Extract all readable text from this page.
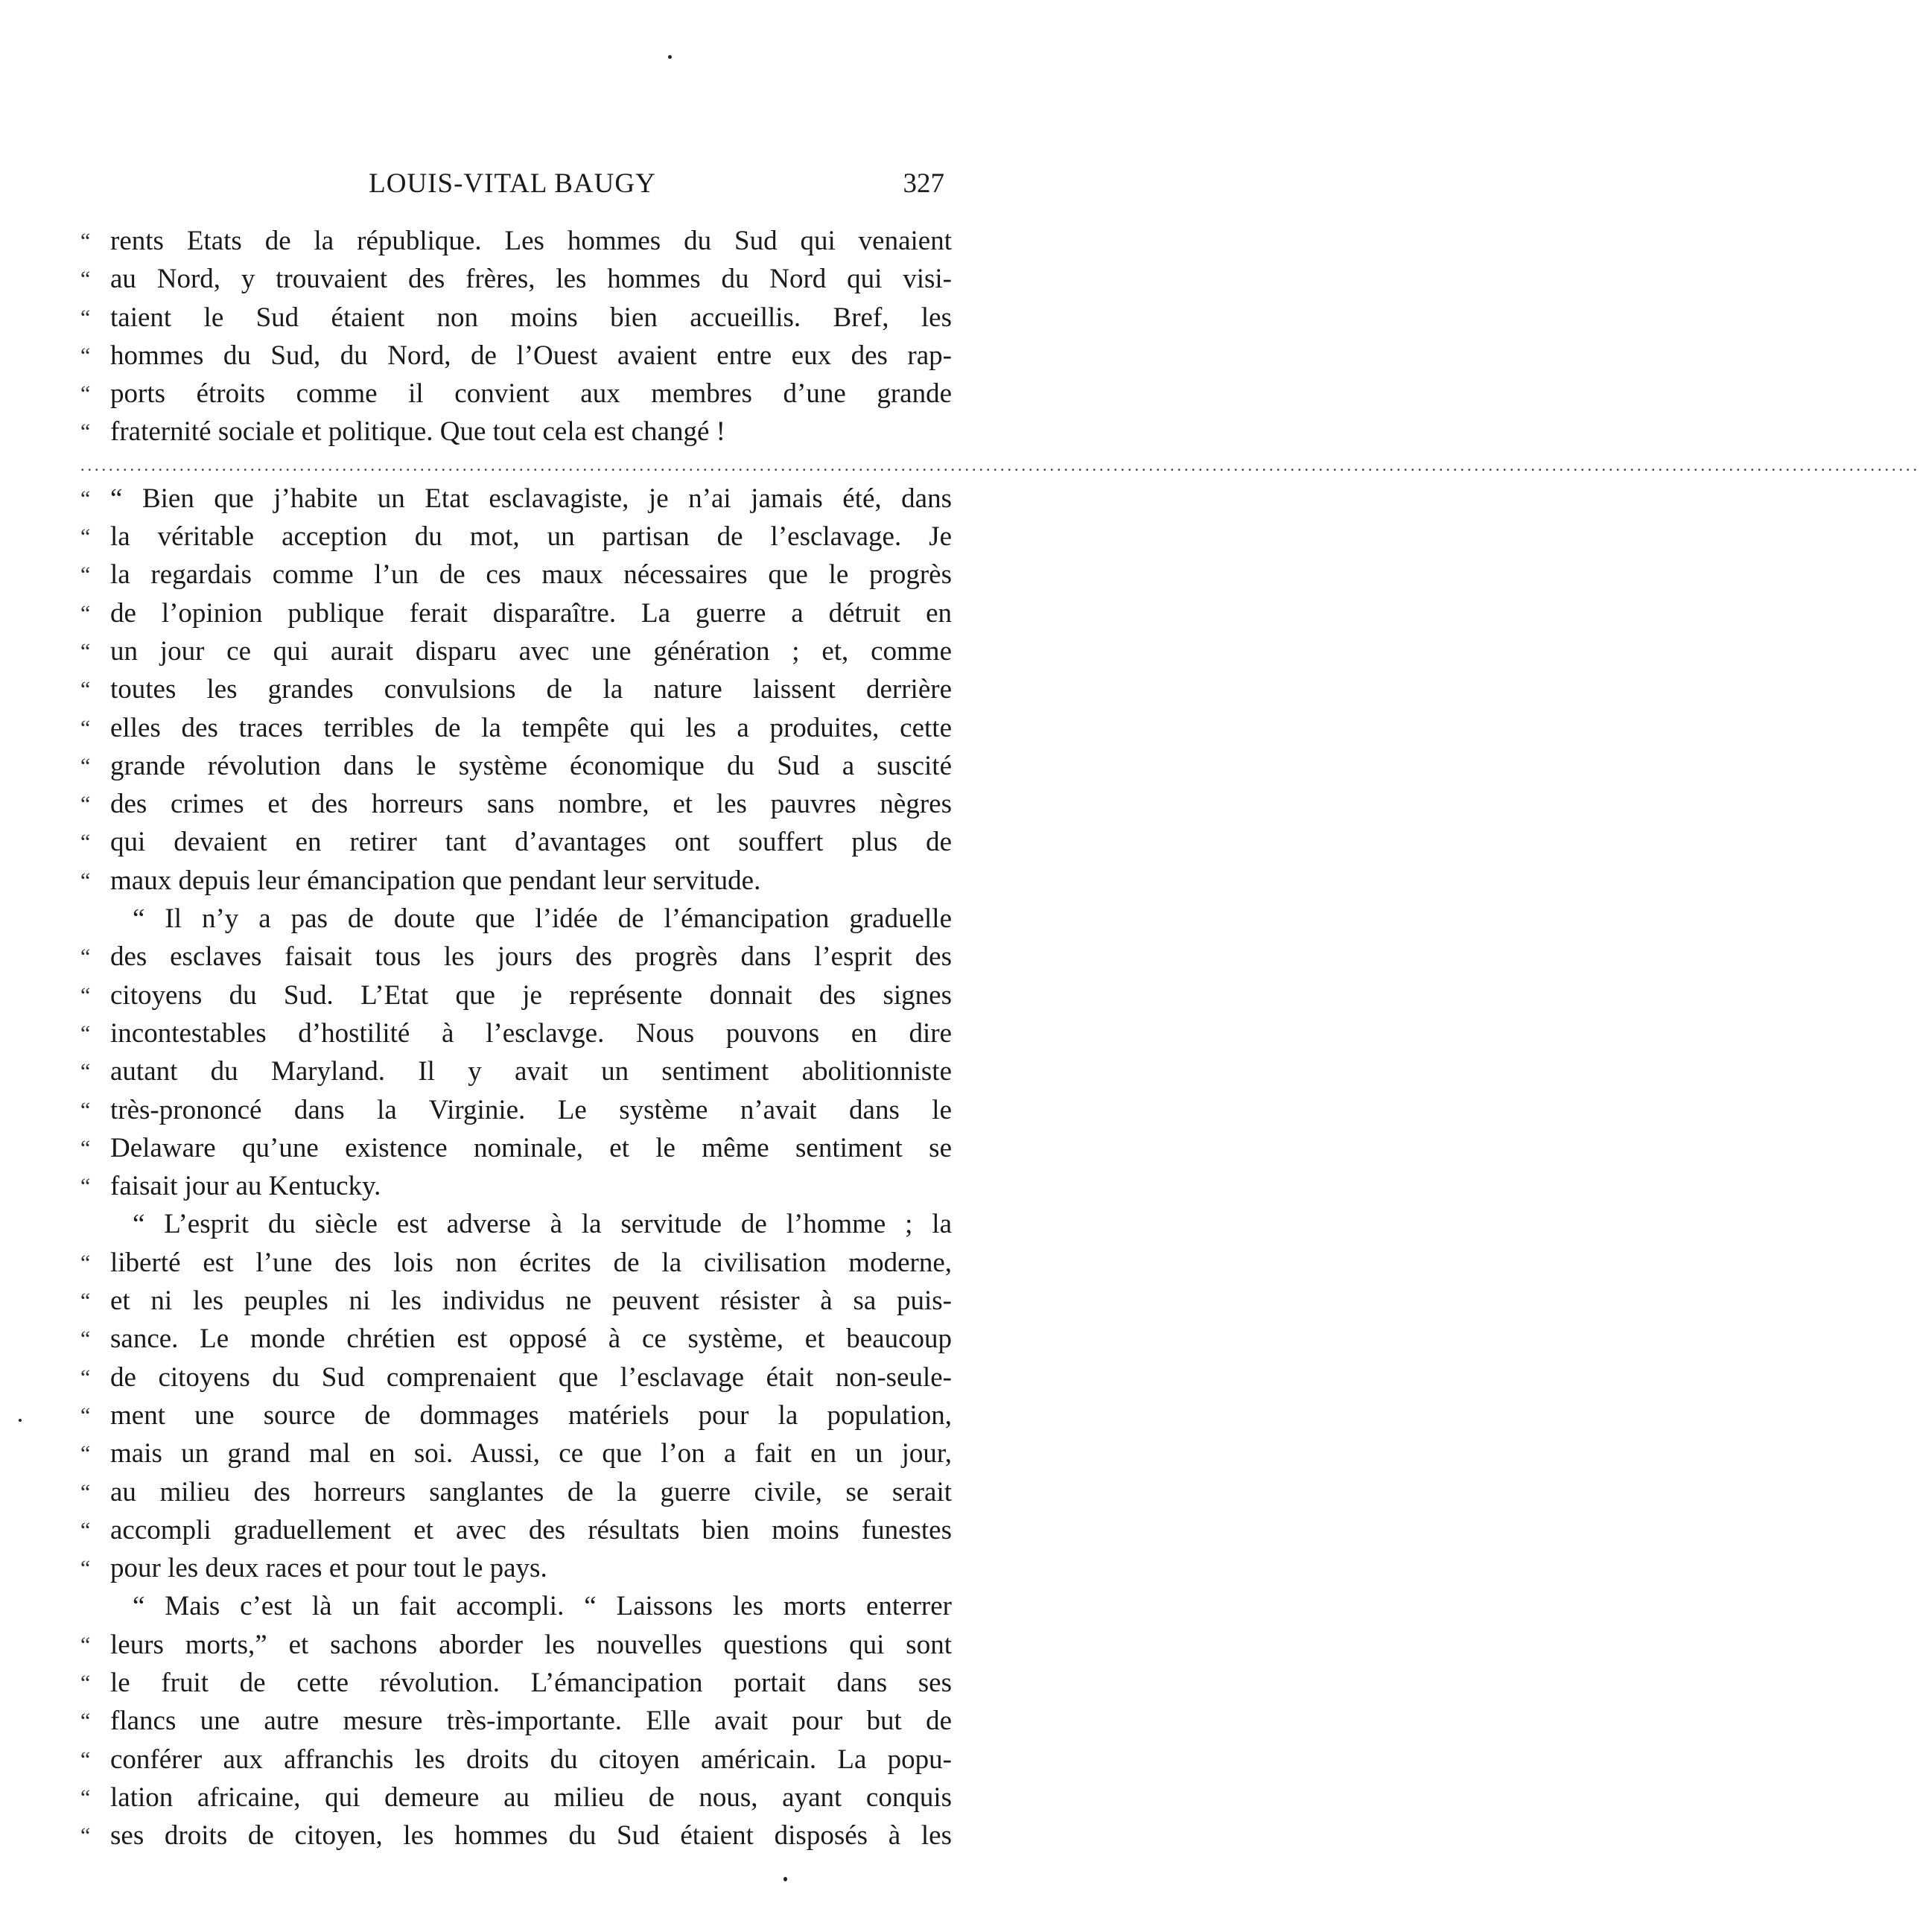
LOUIS-VITAL BAUGY	327
“ rents Etats de la république. Les hommes du Sud qui venaient
“ au Nord, y trouvaient des frères, les hommes du Nord qui visi-
“ taient le Sud étaient non moins bien accueillis. Bref, les
“ hommes du Sud, du Nord, de l’Ouest avaient entre eux des rap-
“ ports étroits comme il convient aux membres d’une grande
“ fraternité sociale et politique. Que tout cela est changé !
....................................................................................................................................................................................................................................................................
“ “ Bien que j’habite un Etat esclavagiste, je n’ai jamais été, dans
“ la véritable acception du mot, un partisan de l’esclavage. Je
“ la regardais comme l’un de ces maux nécessaires que le progrès
“ de l’opinion publique ferait disparaître. La guerre a détruit en
“ un jour ce qui aurait disparu avec une génération ; et, comme
“ toutes les grandes convulsions de la nature laissent derrière
“ elles des traces terribles de la tempête qui les a produites, cette
“ grande révolution dans le système économique du Sud a suscité
“ des crimes et des horreurs sans nombre, et les pauvres nègres
“ qui devaient en retirer tant d’avantages ont souffert plus de
“ maux depuis leur émancipation que pendant leur servitude.
“ Il n’y a pas de doute que l’idée de l’émancipation graduelle
“ des esclaves faisait tous les jours des progrès dans l’esprit des
“ citoyens du Sud. L’Etat que je représente donnait des signes
“ incontestables d’hostilité à l’esclavge. Nous pouvons en dire
“ autant du Maryland. Il y avait un sentiment abolitionniste
“ très-prononcé dans la Virginie. Le système n’avait dans le
“ Delaware qu’une existence nominale, et le même sentiment se
“ faisait jour au Kentucky.
“ L’esprit du siècle est adverse à la servitude de l’homme ; la
“ liberté est l’une des lois non écrites de la civilisation moderne,
“ et ni les peuples ni les individus ne peuvent résister à sa puis-
“ sance. Le monde chrétien est opposé à ce système, et beaucoup
“ de citoyens du Sud comprenaient que l’esclavage était non-seule-
“ ment une source de dommages matériels pour la population,
“ mais un grand mal en soi. Aussi, ce que l’on a fait en un jour,
“ au milieu des horreurs sanglantes de la guerre civile, se serait
“ accompli graduellement et avec des résultats bien moins funestes
“ pour les deux races et pour tout le pays.
“ Mais c’est là un fait accompli. “ Laissons les morts enterrer
“ leurs morts,” et sachons aborder les nouvelles questions qui sont
“ le fruit de cette révolution. L’émancipation portait dans ses
“ flancs une autre mesure très-importante. Elle avait pour but de
“ conférer aux affranchis les droits du citoyen américain. La popu-
“ lation africaine, qui demeure au milieu de nous, ayant conquis
“ ses droits de citoyen, les hommes du Sud étaient disposés à les
